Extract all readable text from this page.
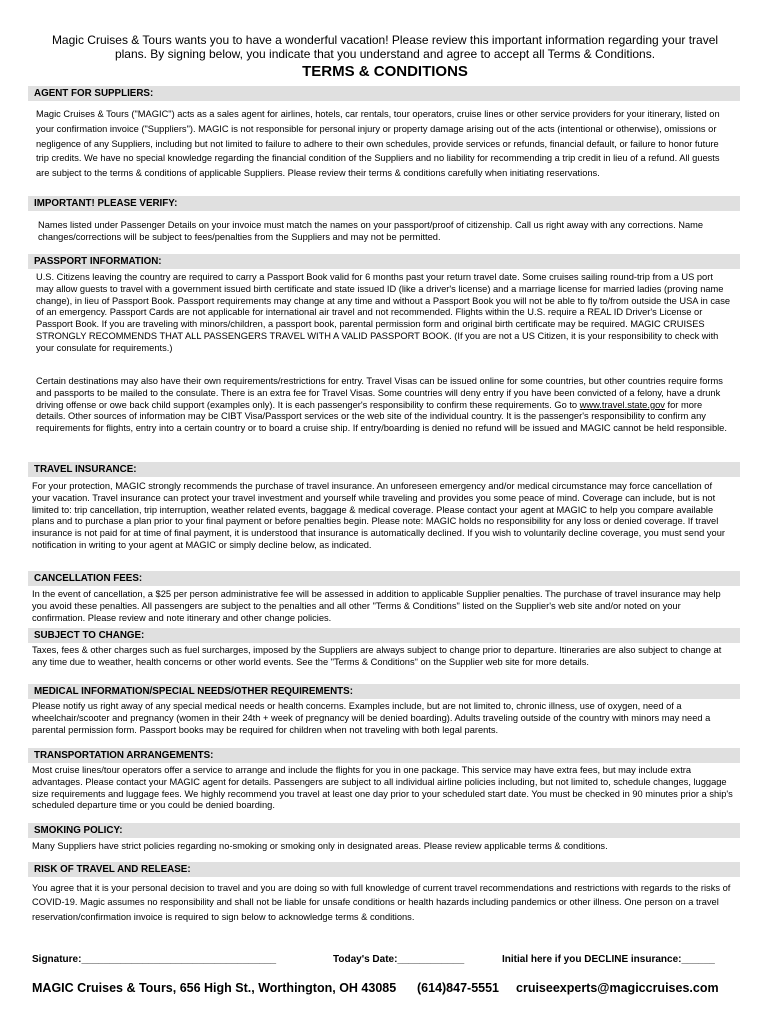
Magic Cruises & Tours wants you to have a wonderful vacation! Please review this important information regarding your travel plans. By signing below, you indicate that you understand and agree to accept all Terms & Conditions.

TERMS & CONDITIONS
AGENT FOR SUPPLIERS:

Magic Cruises & Tours ("MAGIC") acts as a sales agent for airlines, hotels, car rentals, tour operators, cruise lines or other service providers for your itinerary, listed on your confirmation invoice ("Suppliers"). MAGIC is not responsible for personal injury or property damage arising out of the acts (intentional or otherwise), omissions or negligence of any Suppliers, including but not limited to failure to adhere to their own schedules, provide services or refunds, financial default, or failure to honor future trip credits. We have no special knowledge regarding the financial condition of the Suppliers and no liability for recommending a trip credit in lieu of a refund. All guests are subject to the terms & conditions of applicable Suppliers. Please review their terms & conditions carefully when initiating reservations.

IMPORTANT! PLEASE VERIFY:

Names listed under Passenger Details on your invoice must match the names on your passport/proof of citizenship. Call us right away with any corrections. Name changes/corrections will be subject to fees/penalties from the Suppliers and may not be permitted.

PASSPORT INFORMATION:

U.S. Citizens leaving the country are required to carry a Passport Book valid for 6 months past your return travel date. Some cruises sailing round-trip from a US port may allow guests to travel with a government issued birth certificate and state issued ID (like a driver's license) and a marriage license for married ladies (proving name change), in lieu of Passport Book. Passport requirements may change at any time and without a Passport Book you will not be able to fly to/from outside the USA in case of an emergency. Passport Cards are not applicable for international air travel and not recommended. Flights within the U.S. require a REAL ID Driver's License or Passport Book. If you are traveling with minors/children, a passport book, parental permission form and original birth certificate may be required. MAGIC CRUISES STRONGLY RECOMMENDS THAT ALL PASSENGERS TRAVEL WITH A VALID PASSPORT BOOK. (If you are not a US Citizen, it is your responsibility to check with your consulate for requirements.)

Certain destinations may also have their own requirements/restrictions for entry. Travel Visas can be issued online for some countries, but other countries require forms and passports to be mailed to the consulate. There is an extra fee for Travel Visas. Some countries will deny entry if you have been convicted of a felony, have a drunk driving offense or owe back child support (examples only). It is each passenger's responsibility to confirm these requirements. Go to www.travel.state.gov for more details. Other sources of information may be CIBT Visa/Passport services or the web site of the individual country. It is the passenger's responsibility to confirm any requirements for flights, entry into a certain country or to board a cruise ship. If entry/boarding is denied no refund will be issued and MAGIC cannot be held responsible.

TRAVEL INSURANCE:

For your protection, MAGIC strongly recommends the purchase of travel insurance. An unforeseen emergency and/or medical circumstance may force cancellation of your vacation. Travel insurance can protect your travel investment and yourself while traveling and provides you some peace of mind. Coverage can include, but is not limited to: trip cancellation, trip interruption, weather related events, baggage & medical coverage. Please contact your agent at MAGIC to help you compare available plans and to purchase a plan prior to your final payment or before penalties begin. Please note: MAGIC holds no responsibility for any loss or denied coverage. If travel insurance is not paid for at time of final payment, it is understood that insurance is automatically declined. If you wish to voluntarily decline coverage, you must send your notification in writing to your agent at MAGIC or simply decline below, as indicated.

CANCELLATION FEES:

In the event of cancellation, a $25 per person administrative fee will be assessed in addition to applicable Supplier penalties. The purchase of travel insurance may help you avoid these penalties. All passengers are subject to the penalties and all other "Terms & Conditions" listed on the Supplier's web site and/or noted on your confirmation. Please review and note itinerary and other change policies.

SUBJECT TO CHANGE:

Taxes, fees & other charges such as fuel surcharges, imposed by the Suppliers are always subject to change prior to departure. Itineraries are also subject to change at any time due to weather, health concerns or other world events. See the "Terms & Conditions" on the Supplier web site for more details.

MEDICAL INFORMATION/SPECIAL NEEDS/OTHER REQUIREMENTS:

Please notify us right away of any special medical needs or health concerns. Examples include, but are not limited to, chronic illness, use of oxygen, need of a wheelchair/scooter and pregnancy (women in their 24th + week of pregnancy will be denied boarding). Adults traveling outside of the country with minors may need a parental permission form. Passport books may be required for children when not traveling with both legal parents.

TRANSPORTATION ARRANGEMENTS:

Most cruise lines/tour operators offer a service to arrange and include the flights for you in one package. This service may have extra fees, but may include extra advantages. Please contact your MAGIC agent for details. Passengers are subject to all individual airline policies including, but not limited to, schedule changes, luggage size requirements and luggage fees. We highly recommend you travel at least one day prior to your scheduled start date. You must be checked in 90 minutes prior a ship's scheduled departure time or you could be denied boarding.

SMOKING POLICY:

Many Suppliers have strict policies regarding no-smoking or smoking only in designated areas. Please review applicable terms & conditions.

RISK OF TRAVEL AND RELEASE:

You agree that it is your personal decision to travel and you are doing so with full knowledge of current travel recommendations and restrictions with regards to the risks of COVID-19. Magic assumes no responsibility and shall not be liable for unsafe conditions or health hazards including pandemics or other illness. One person on a travel reservation/confirmation invoice is required to sign below to acknowledge terms & conditions.

Signature:___________________________________	Today's Date:____________	Initial here if you DECLINE insurance:______
MAGIC Cruises & Tours, 656 High St., Worthington, OH 43085 (614)847-5551 cruiseexperts@magiccruises.com
